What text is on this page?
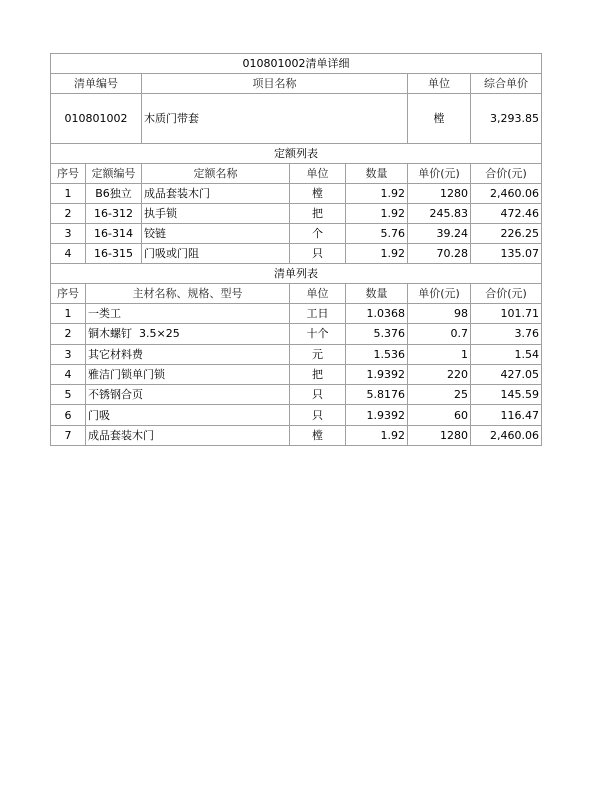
010801002清单详细						
清单编号		项目名称			单位	综合单价
010801002		木质门带套			樘	3,293.85
定额列表						
序号	定额编号	定额名称	单位	数量	单价(元)	合价(元)
1	B6独立	成品套装木门	樘	1.92	1280	2,460.06
2	16-312	执手锁	把	1.92	245.83	472.46
3	16-314	铰链	个	5.76	39.24	226.25
4	16-315	门吸或门阻	只	1.92	70.28	135.07
清单列表						
序号	主材名称、规格、型号		单位	数量	单价(元)	合价(元)
1	一类工		工日	1.0368	98	101.71
2	铜木螺钉  3.5×25		十个	5.376	0.7	3.76
3	其它材料费		元	1.536	1	1.54
4	雅洁门锁单门锁		把	1.9392	220	427.05
5	不锈钢合页		只	5.8176	25	145.59
6	门吸		只	1.9392	60	116.47
7	成品套装木门		樘	1.92	1280	2,460.06
